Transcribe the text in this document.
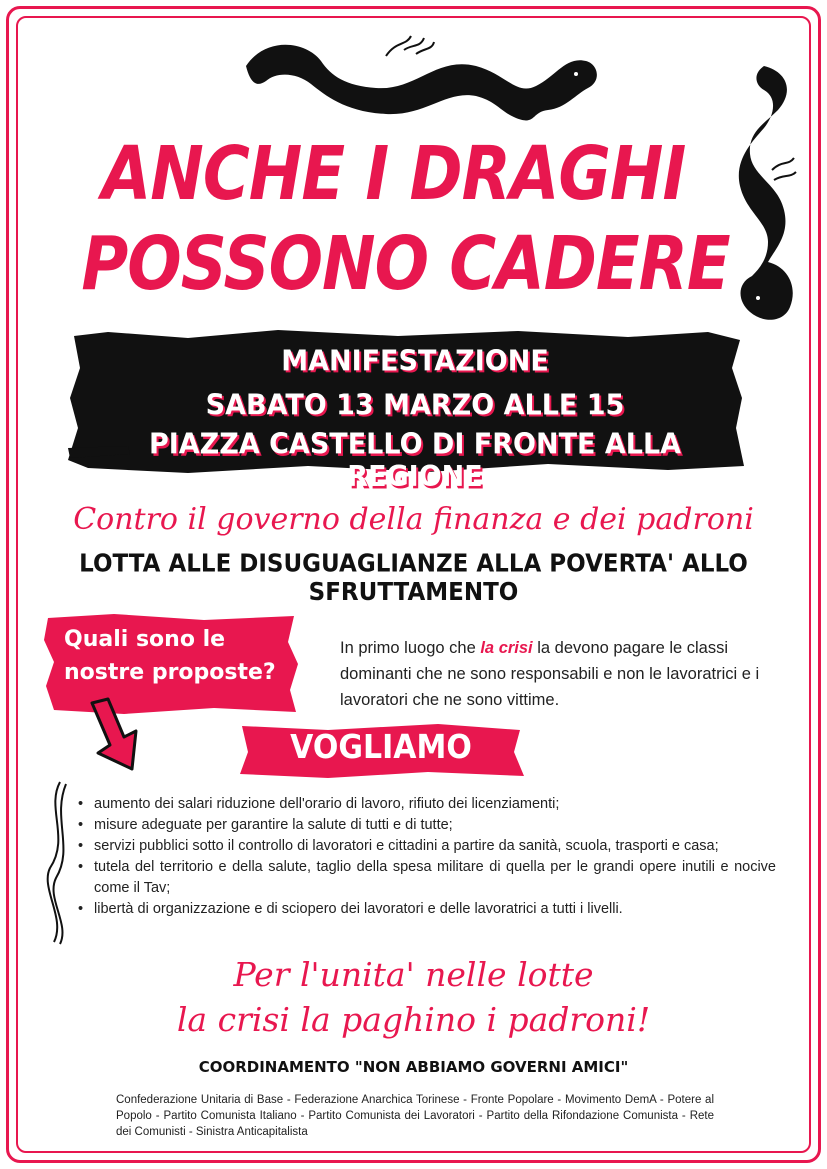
ANCHE I DRAGHI
POSSONO CADERE
MANIFESTAZIONE
SABATO 13 MARZO ALLE 15
PIAZZA CASTELLO DI FRONTE ALLA REGIONE
Contro il governo della finanza e dei padroni
LOTTA ALLE DISUGUAGLIANZE ALLA POVERTA' ALLO SFRUTTAMENTO
Quali sono le
nostre proposte?
In primo luogo che la crisi la devono pagare le classi dominanti che ne sono responsabili e non le lavoratrici e i lavoratori che ne sono vittime.
VOGLIAMO
• aumento dei salari riduzione dell'orario di lavoro, rifiuto dei licenziamenti;
• misure adeguate per garantire la salute di tutti e di tutte;
• servizi pubblici sotto il controllo di lavoratori e cittadini a partire da sanità, scuola, trasporti e casa;
• tutela del territorio e della salute, taglio della spesa militare di quella per le grandi opere inutili e nocive come il Tav;
• libertà di organizzazione e di sciopero dei lavoratori e delle lavoratrici a tutti i livelli.
Per l'unita' nelle lotte
la crisi la paghino i padroni!
COORDINAMENTO "NON ABBIAMO GOVERNI AMICI"
Confederazione Unitaria di Base - Federazione Anarchica Torinese - Fronte Popolare - Movimento DemA - Potere al Popolo - Partito Comunista Italiano - Partito Comunista dei Lavoratori - Partito della Rifondazione Comunista - Rete dei Comunisti - Sinistra Anticapitalista
